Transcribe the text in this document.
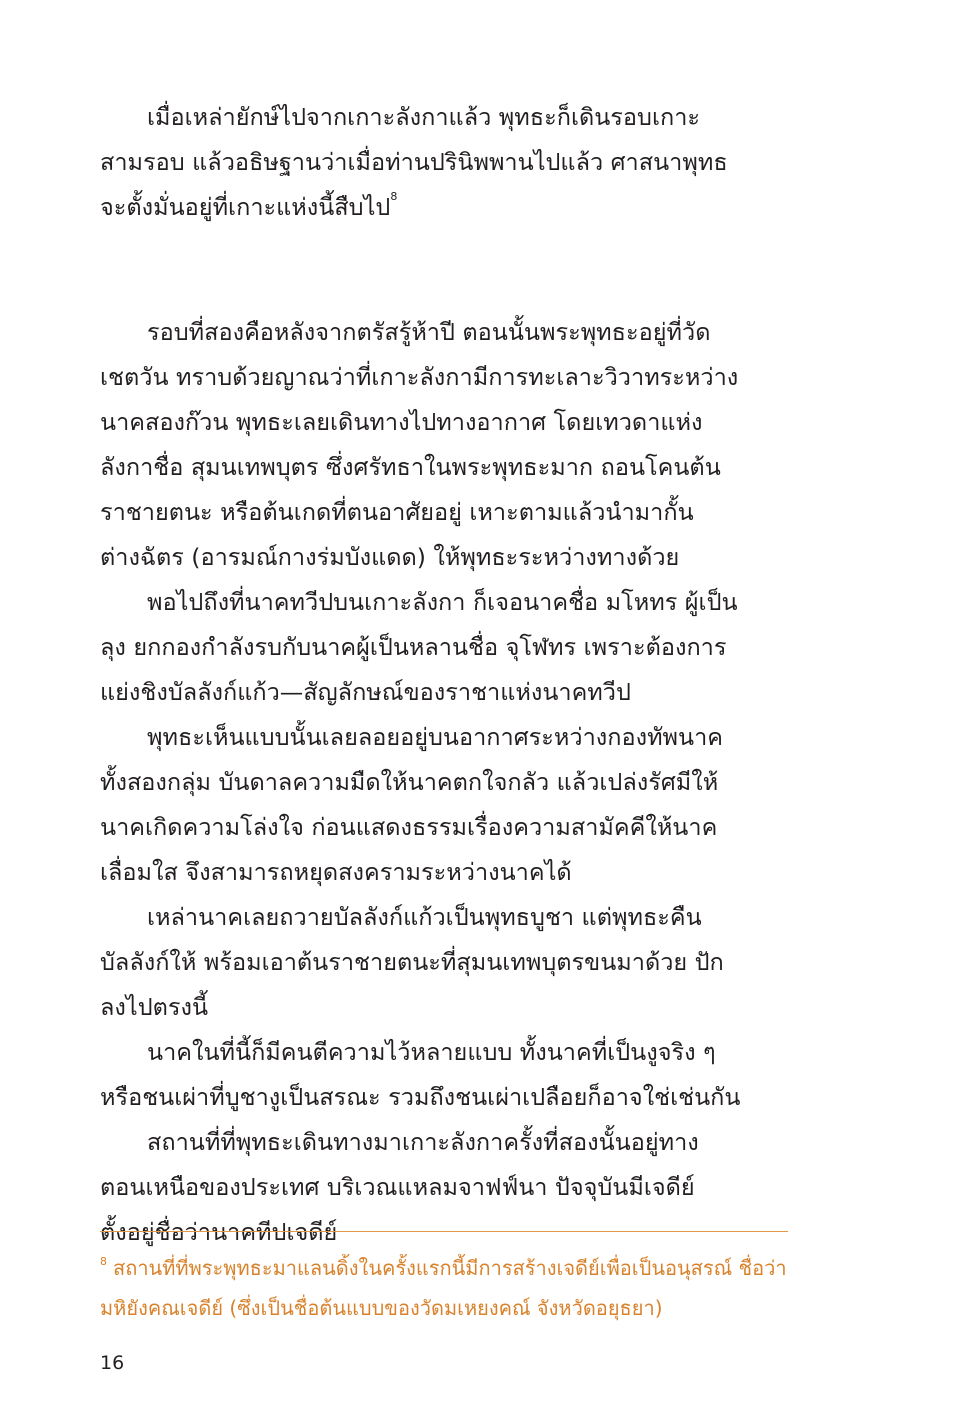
เมื่อเหล่ายักษ์ไปจากเกาะลังกาแล้ว พุทธะก็เดินรอบเกาะ
สามรอบ แล้วอธิษฐานว่าเมื่อท่านปรินิพพานไปแล้ว ศาสนาพุทธ
จะตั้งมั่นอยู่ที่เกาะแห่งนี้สืบไป$^8$
รอบที่สองคือหลังจากตรัสรู้ห้าปี ตอนนั้นพระพุทธะอยู่ที่วัด
เชตวัน ทราบด้วยญาณว่าที่เกาะลังกามีการทะเลาะวิวาทระหว่าง
นาคสองก๊วน พุทธะเลยเดินทางไปทางอากาศ โดยเทวดาแห่ง
ลังกาชื่อ สุมนเทพบุตร ซึ่งศรัทธาในพระพุทธะมาก ถอนโคนต้น
ราชายตนะ หรือต้นเกดที่ตนอาศัยอยู่ เหาะตามแล้วนำมากั้น
ต่างฉัตร (อารมณ์กางร่มบังแดด) ให้พุทธะระหว่างทางด้วย
พอไปถึงที่นาคทวีปบนเกาะลังกา ก็เจอนาคชื่อ มโหทร ผู้เป็น
ลุง ยกกองกำลังรบกับนาคผู้เป็นหลานชื่อ จุโฬทร เพราะต้องการ
แย่งชิงบัลลังก์แก้ว—สัญลักษณ์ของราชาแห่งนาคทวีป
พุทธะเห็นแบบนั้นเลยลอยอยู่บนอากาศระหว่างกองทัพนาค
ทั้งสองกลุ่ม บันดาลความมืดให้นาคตกใจกลัว แล้วเปล่งรัศมีให้
นาคเกิดความโล่งใจ ก่อนแสดงธรรมเรื่องความสามัคคีให้นาค
เลื่อมใส จึงสามารถหยุดสงครามระหว่างนาคได้
เหล่านาคเลยถวายบัลลังก์แก้วเป็นพุทธบูชา แต่พุทธะคืน
บัลลังก์ให้ พร้อมเอาต้นราชายตนะที่สุมนเทพบุตรขนมาด้วย ปัก
ลงไปตรงนี้
นาคในที่นี้ก็มีคนตีความไว้หลายแบบ ทั้งนาคที่เป็นงูจริง ๆ
หรือชนเผ่าที่บูชางูเป็นสรณะ รวมถึงชนเผ่าเปลือยก็อาจใช่เช่นกัน
สถานที่ที่พุทธะเดินทางมาเกาะลังกาครั้งที่สองนั้นอยู่ทาง
ตอนเหนือของประเทศ บริเวณแหลมจาฟฟ์นา ปัจจุบันมีเจดีย์
ตั้งอยู่ชื่อว่านาคทีปเจดีย์
$^8$ สถานที่ที่พระพุทธะมาแลนดิ้งในครั้งแรกนี้มีการสร้างเจดีย์เพื่อเป็นอนุสรณ์ ชื่อว่า
มหิยังคณเจดีย์ (ซึ่งเป็นชื่อต้นแบบของวัดมเหยงคณ์ จังหวัดอยุธยา)
16
